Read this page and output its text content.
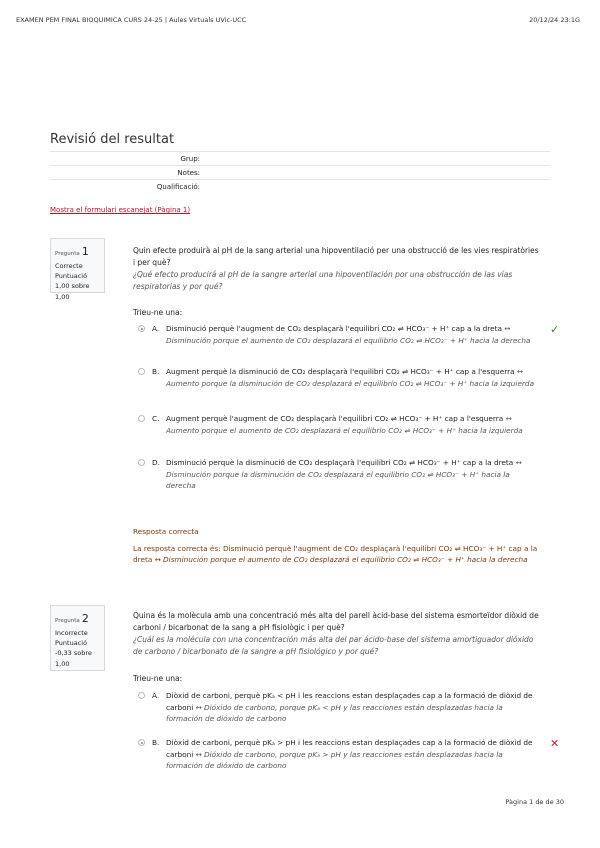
EXAMEN PEM FINAL BIOQUIMICA CURS 24-25 | Aules Virtuals UVic-UCC	20/12/24 23:1G
Revisió del resultat
Grup:
Notes:
Qualificació:
Mostra el formulari escanejat (Pàgina 1)
Pregunta 1
Correcte
Puntuació 1,00 sobre 1,00
Quin efecte produirà al pH de la sang arterial una hipoventilació per una obstrucció de les vies respiratòries i per què?
¿Qué efecto producirá al pH de la sangre arterial una hipoventilación por una obstrucción de las vías respiratorias y por qué?
Trieu-ne una:
A. Disminució perquè l'augment de CO₂ desplaçarà l'equilibri CO₂ ⇌ HCO₃⁻ + H⁺ cap a la dreta ↔ Disminución porque el aumento de CO₂ desplazará el equilibrio CO₂ ⇌ HCO₃⁻ + H⁺ hacia la derecha
✓
B. Augment perquè la disminució de CO₂ desplaçarà l'equilibri CO₂ ⇌ HCO₃⁻ + H⁺ cap a l'esquerra ↔ Aumento porque la disminución de CO₂ desplazará el equilibrio CO₂ ⇌ HCO₃⁻ + H⁺ hacia la izquierda
C. Augment perquè l'augment de CO₂ desplaçarà l'equilibri CO₂ ⇌ HCO₃⁻ + H⁺ cap a l'esquerra ↔ Aumento porque el aumento de CO₂ desplazará el equilibrio CO₂ ⇌ HCO₃⁻ + H⁺ hacia la izquierda
D. Disminució perquè la disminució de CO₂ desplaçarà l'equilibri CO₂ ⇌ HCO₃⁻ + H⁺ cap a la dreta ↔ Disminución porque la disminución de CO₂ desplazará el equilibrio CO₂ ⇌ HCO₃⁻ + H⁺ hacia la derecha
Resposta correcta
La resposta correcta és: Disminució perquè l'augment de CO₂ desplaçarà l'equilibri CO₂ ⇌ HCO₃⁻ + H⁺ cap a la dreta ↔ Disminución porque el aumento de CO₂ desplazará el equilibrio CO₂ ⇌ HCO₃⁻ + H⁺ hacia la derecha
Pregunta 2
Incorrecte
Puntuació -0,33 sobre 1,00
Quina és la molècula amb una concentració més alta del parell àcid-base del sistema esmorteïdor diòxid de carboni / bicarbonat de la sang a pH fisiològic i per què?
¿Cuál es la molécula con una concentración más alta del par ácido-base del sistema amortiguador dióxido de carbono / bicarbonato de la sangre a pH fisiológico y por qué?
Trieu-ne una:
A. Diòxid de carboni, perquè pKₐ < pH i les reaccions estan desplaçades cap a la formació de diòxid de carboni ↔ Dióxido de carbono, porque pKₐ < pH y las reacciones están desplazadas hacia la formación de dióxido de carbono
B. Diòxid de carboni, perquè pKₐ > pH i les reaccions estan desplaçades cap a la formació de diòxid de carboni ↔ Dióxido de carbono, porque pKₐ > pH y las reacciones están desplazadas hacia la formación de dióxido de carbono
✕
Pàgina 1 de de 30
